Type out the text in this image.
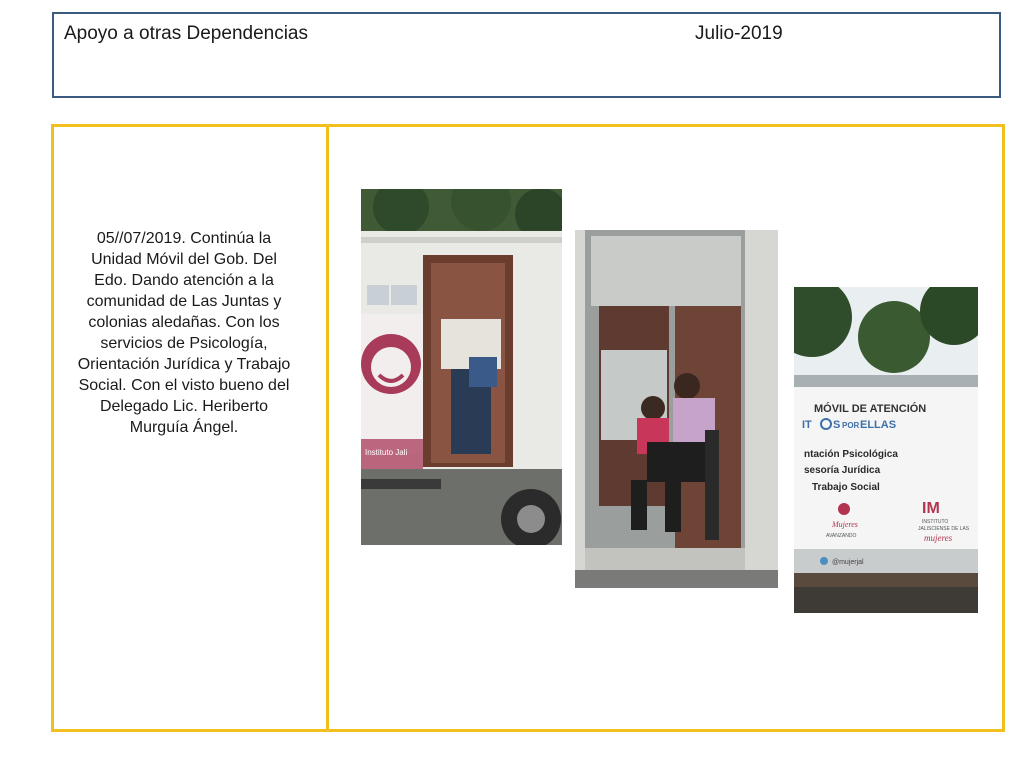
Apoyo a otras Dependencias	Julio-2019
05//07/2019. Continúa la Unidad Móvil del Gob. Del Edo. Dando atención a la comunidad de Las Juntas y colonias aledañas. Con los servicios de Psicología, Orientación Jurídica y Trabajo Social. Con el visto bueno del Delegado Lic. Heriberto Murguía Ángel.
Instituto Jali
MÓVIL DE ATENCIÓN
IT S POR ELLAS
ntación Psicológica
sesoría Jurídica
Trabajo Social
Mujeres
AVANZANDO
IM
INSTITUTO
JALISCIENSE DE LAS
mujeres
@mujerjal
